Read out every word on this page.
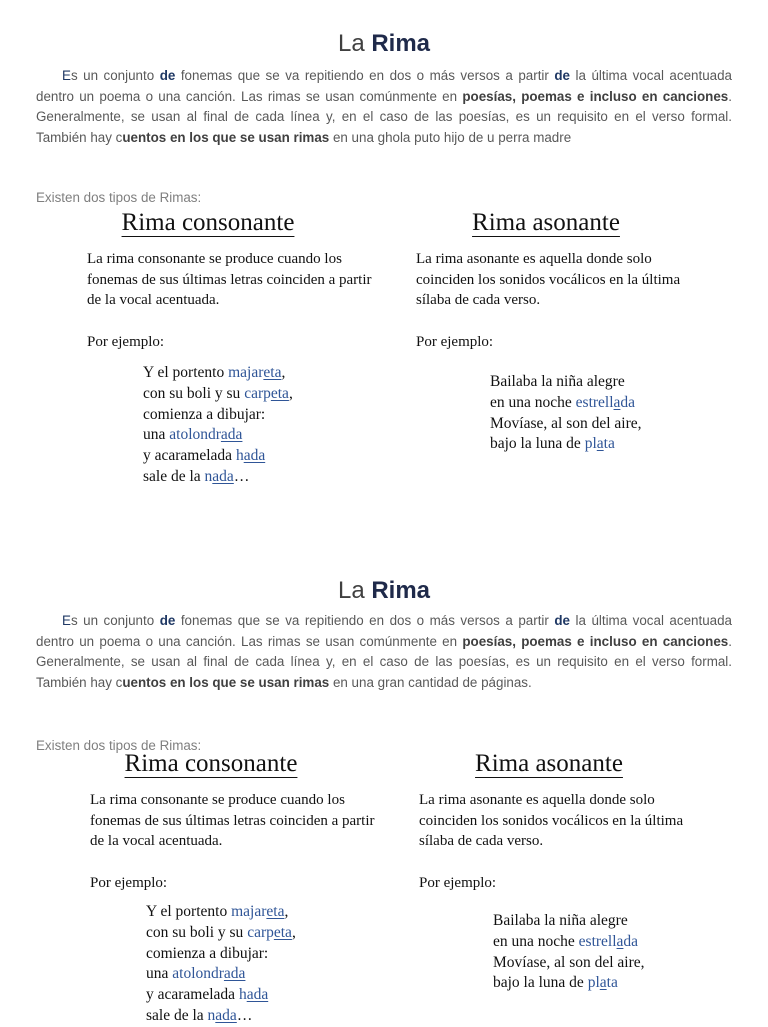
La Rima
Es un conjunto de fonemas que se va repitiendo en dos o más versos a partir de la última vocal acentuada dentro un poema o una canción. Las rimas se usan comúnmente en poesías, poemas e incluso en canciones. Generalmente, se usan al final de cada línea y, en el caso de las poesías, es un requisito en el verso formal. También hay cuentos en los que se usan rimas en una ghola puto hijo de u perra madre
Existen dos tipos de Rimas:
Rima consonante
La rima consonante se produce cuando los fonemas de sus últimas letras coinciden a partir de la vocal acentuada.
Por ejemplo:
Y el portento majareta,
con su boli y su carpeta,
comienza a dibujar:
una atolondrada
y acaramelada hada
sale de la nada…
Rima asonante
La rima asonante es aquella donde solo coinciden los sonidos vocálicos en la última sílaba de cada verso.
Por ejemplo:
Bailaba la niña alegre
en una noche estrellada
Movíase, al son del aire,
bajo la luna de plata
La Rima
Es un conjunto de fonemas que se va repitiendo en dos o más versos a partir de la última vocal acentuada dentro un poema o una canción. Las rimas se usan comúnmente en poesías, poemas e incluso en canciones. Generalmente, se usan al final de cada línea y, en el caso de las poesías, es un requisito en el verso formal. También hay cuentos en los que se usan rimas en una gran cantidad de páginas.
Existen dos tipos de Rimas:
Rima consonante
La rima consonante se produce cuando los fonemas de sus últimas letras coinciden a partir de la vocal acentuada.
Por ejemplo:
Y el portento majareta,
con su boli y su carpeta,
comienza a dibujar:
una atolondrada
y acaramelada hada
sale de la nada…
Rima asonante
La rima asonante es aquella donde solo coinciden los sonidos vocálicos en la última sílaba de cada verso.
Por ejemplo:
Bailaba la niña alegre
en una noche estrellada
Movíase, al son del aire,
bajo la luna de plata
